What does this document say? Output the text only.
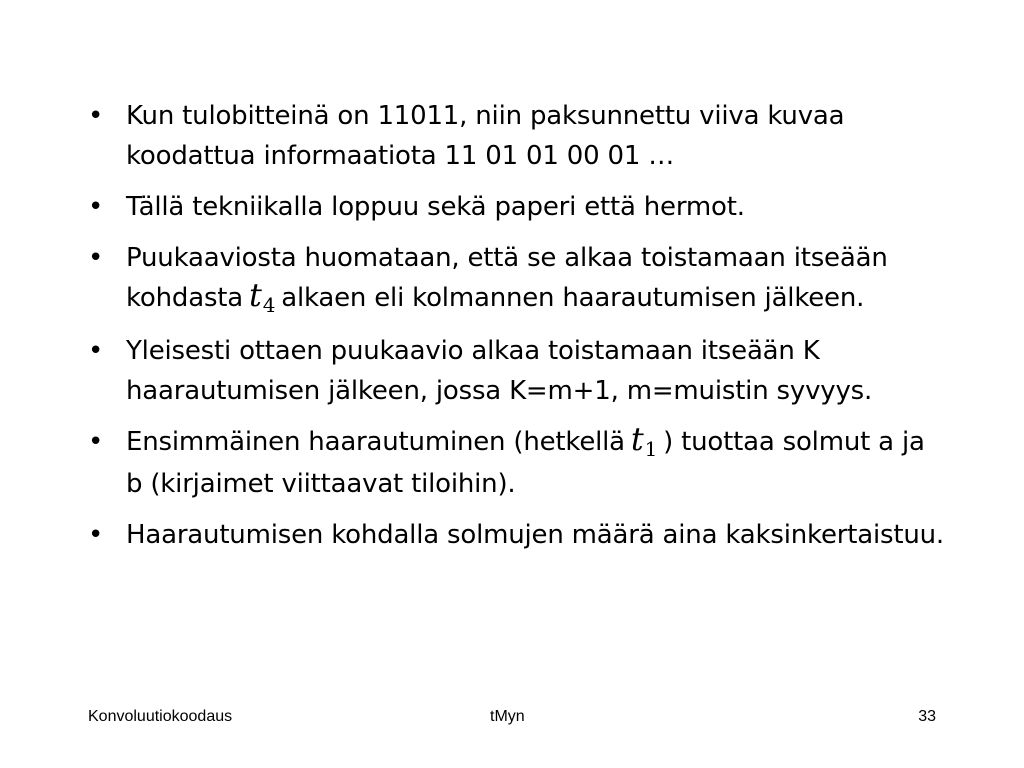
• Kun tulobitteinä on 11011, niin paksunnettu viiva kuvaa koodattua informaatiota 11 01 01 00 01 …
• Tällä tekniikalla loppuu sekä paperi että hermot.
• Puukaaviosta huomataan, että se alkaa toistamaan itseään kohdasta $t_4$ alkaen eli kolmannen haarautumisen jälkeen.
• Yleisesti ottaen puukaavio alkaa toistamaan itseään K haarautumisen jälkeen, jossa K=m+1, m=muistin syvyys.
• Ensimmäinen haarautuminen (hetkellä $t_1$ ) tuottaa solmut a ja b (kirjaimet viittaavat tiloihin).
• Haarautumisen kohdalla solmujen määrä aina kaksinkertaistuu.
Konvoluutiokoodaus	tMyn	33
